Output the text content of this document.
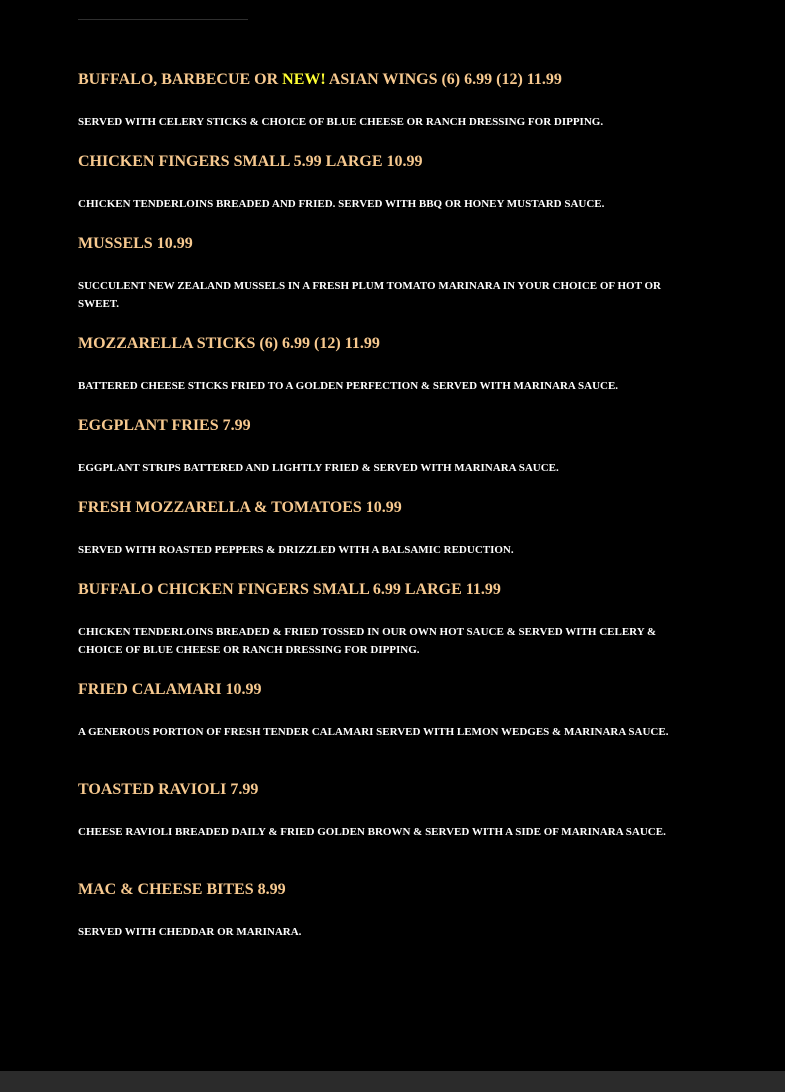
BUFFALO, BARBECUE OR NEW! ASIAN WINGS (6) 6.99 (12) 11.99
SERVED WITH CELERY STICKS & CHOICE OF BLUE CHEESE OR RANCH DRESSING FOR DIPPING.
CHICKEN FINGERS SMALL 5.99 LARGE 10.99
CHICKEN TENDERLOINS BREADED AND FRIED. SERVED WITH BBQ OR HONEY MUSTARD SAUCE.
MUSSELS 10.99
SUCCULENT NEW ZEALAND MUSSELS IN A FRESH PLUM TOMATO MARINARA IN YOUR CHOICE OF HOT OR SWEET.
MOZZARELLA STICKS (6) 6.99 (12) 11.99
BATTERED CHEESE STICKS FRIED TO A GOLDEN PERFECTION & SERVED WITH MARINARA SAUCE.
EGGPLANT FRIES 7.99
EGGPLANT STRIPS BATTERED AND LIGHTLY FRIED & SERVED WITH MARINARA SAUCE.
FRESH MOZZARELLA & TOMATOES 10.99
SERVED WITH ROASTED PEPPERS & DRIZZLED WITH A BALSAMIC REDUCTION.
BUFFALO CHICKEN FINGERS SMALL 6.99 LARGE 11.99
CHICKEN TENDERLOINS BREADED & FRIED TOSSED IN OUR OWN HOT SAUCE & SERVED WITH CELERY & CHOICE OF BLUE CHEESE OR RANCH DRESSING FOR DIPPING.
FRIED CALAMARI 10.99
A GENEROUS PORTION OF FRESH TENDER CALAMARI SERVED WITH LEMON WEDGES & MARINARA SAUCE.
TOASTED RAVIOLI 7.99
CHEESE RAVIOLI BREADED DAILY & FRIED GOLDEN BROWN & SERVED WITH A SIDE OF MARINARA SAUCE.
MAC & CHEESE BITES 8.99
SERVED WITH CHEDDAR OR MARINARA.
